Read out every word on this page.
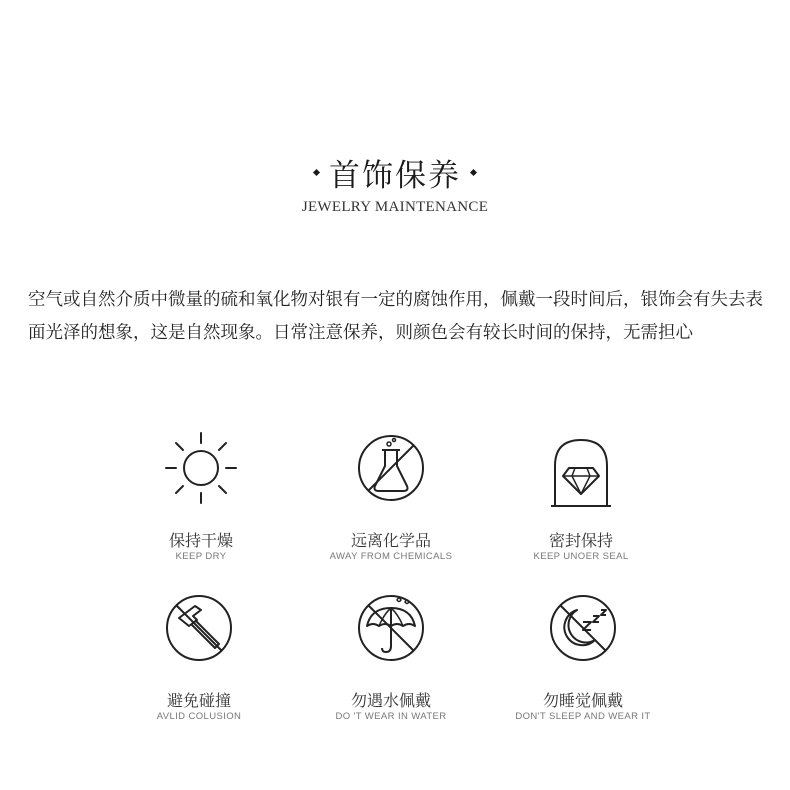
首饰保养
JEWELRY MAINTENANCE

空气或自然介质中微量的硫和氧化物对银有一定的腐蚀作用，佩戴一段时间后，银饰会有失去表面光泽的想象，这是自然现象。日常注意保养，则颜色会有较长时间的保持，无需担心

保持干燥
KEEP DRY
远离化学品
AWAY FROM CHEMICALS
密封保持
KEEP UNOER SEAL
避免碰撞
AVLID COLUSION
勿遇水佩戴
DO 'T WEAR IN WATER
勿睡觉佩戴
DON'T SLEEP AND WEAR IT
